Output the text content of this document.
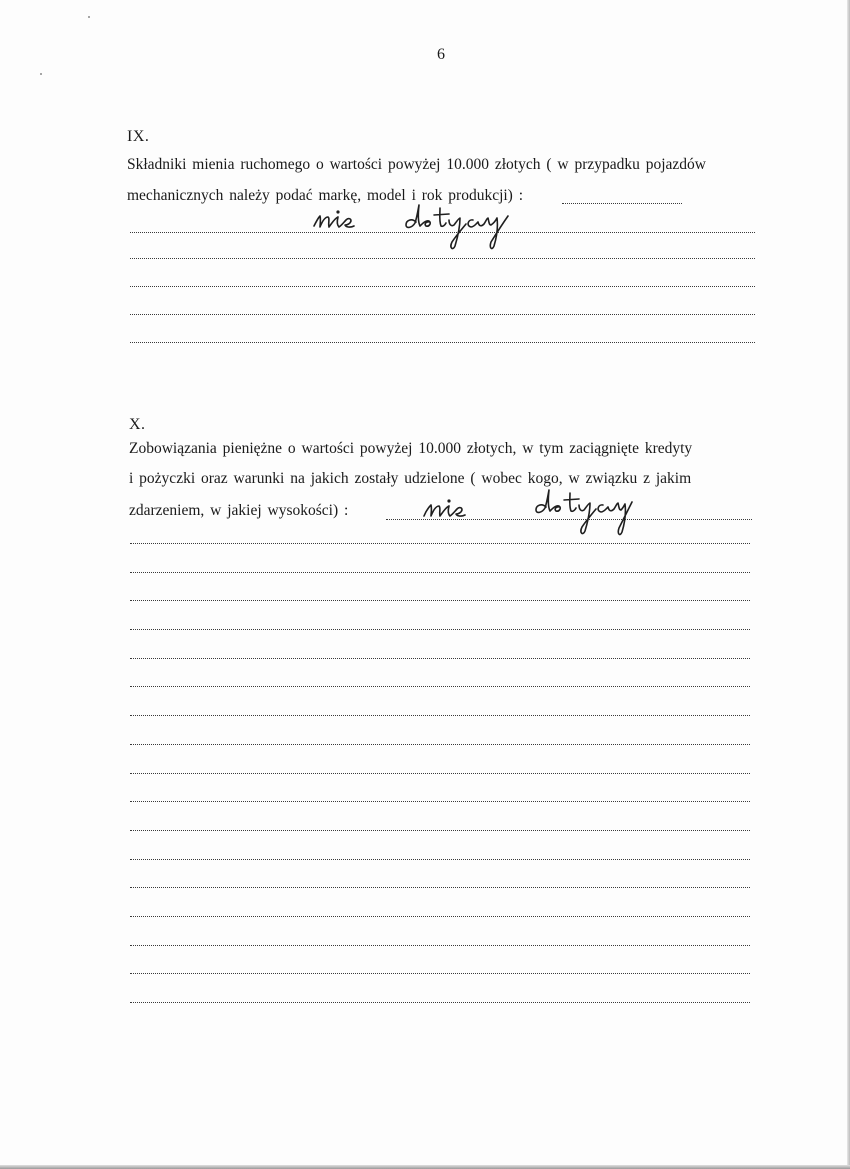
6
IX.
Składniki mienia ruchomego o wartości powyżej 10.000 złotych ( w przypadku pojazdów
mechanicznych należy podać markę, model i rok produkcji) :
X.
Zobowiązania pieniężne o wartości powyżej 10.000 złotych, w tym zaciągnięte kredyty
i pożyczki oraz warunki na jakich zostały udzielone ( wobec kogo, w związku z jakim
zdarzeniem, w jakiej wysokości) :
